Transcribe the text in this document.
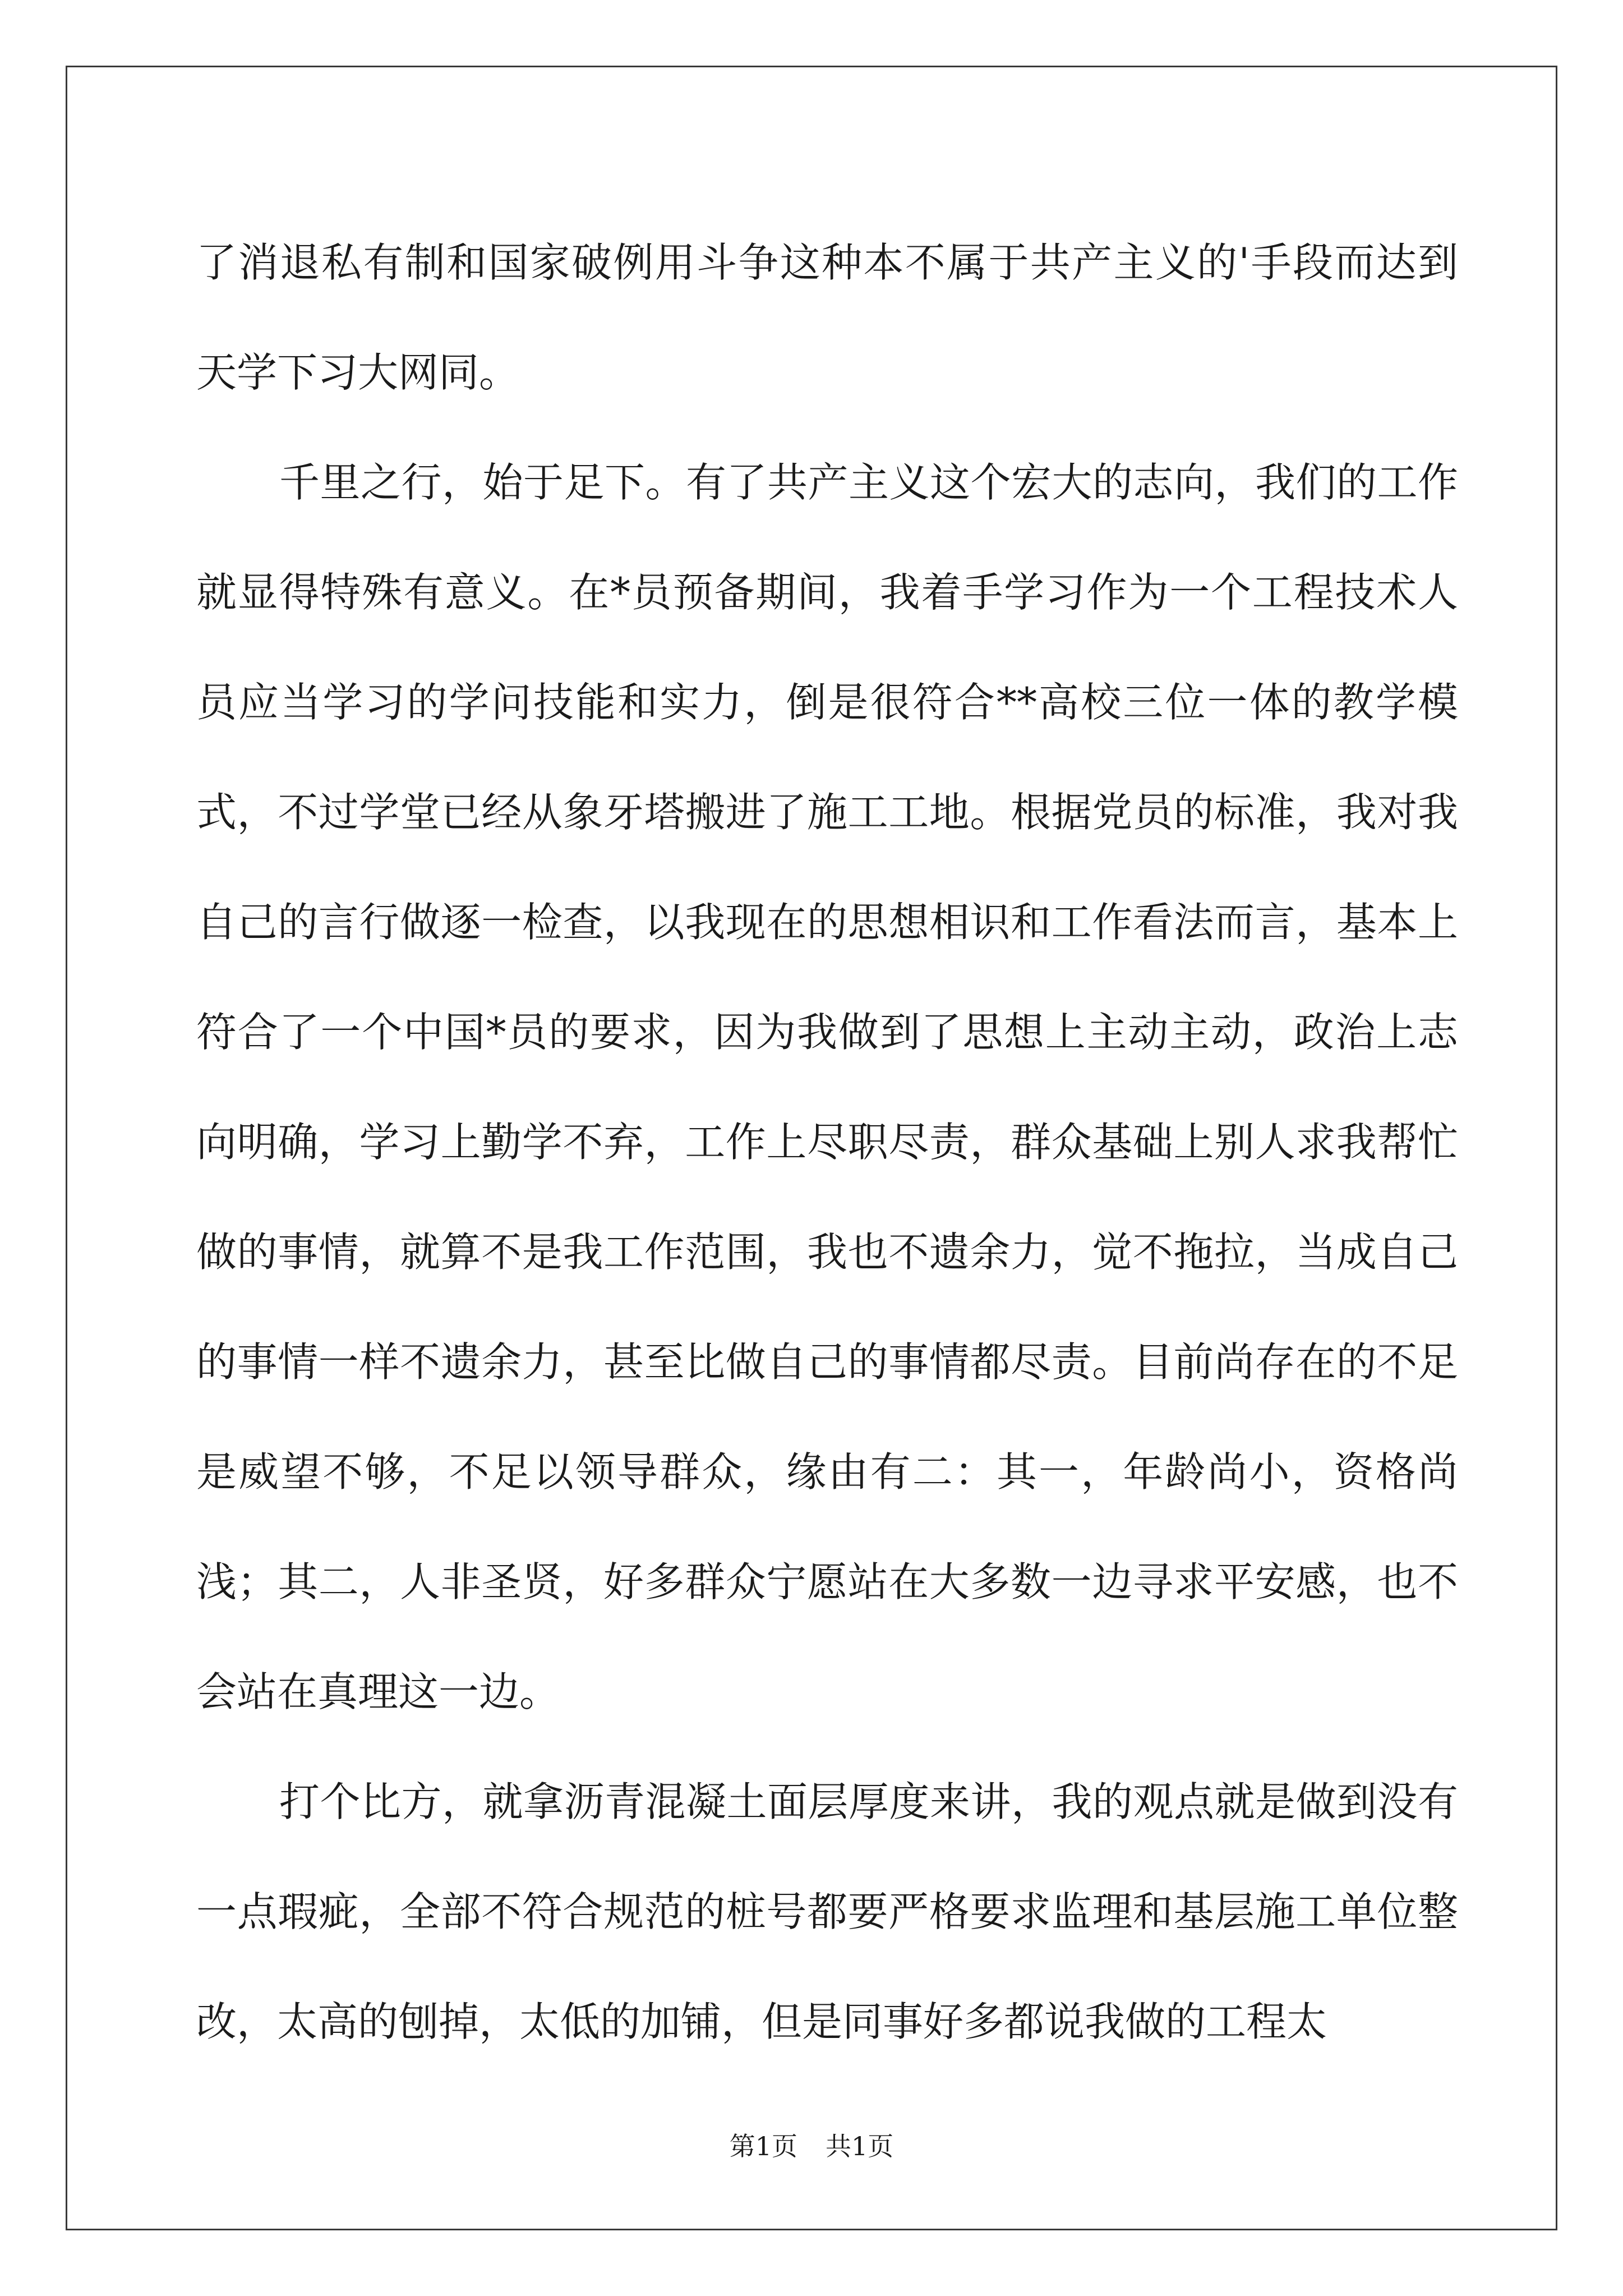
了消退私有制和国家破例用斗争这种本不属于共产主义的'手段而达到天学下习大网同。

千里之行，始于足下。有了共产主义这个宏大的志向，我们的工作就显得特殊有意义。在*员预备期间，我着手学习作为一个工程技术人员应当学习的学问技能和实力，倒是很符合**高校三位一体的教学模式，不过学堂已经从象牙塔搬进了施工工地。根据党员的标准，我对我自己的言行做逐一检查，以我现在的思想相识和工作看法而言，基本上符合了一个中国*员的要求，因为我做到了思想上主动主动，政治上志向明确，学习上勤学不弃，工作上尽职尽责，群众基础上别人求我帮忙做的事情，就算不是我工作范围，我也不遗余力，觉不拖拉，当成自己的事情一样不遗余力，甚至比做自己的事情都尽责。目前尚存在的不足是威望不够，不足以领导群众，缘由有二：其一，年龄尚小，资格尚浅；其二，人非圣贤，好多群众宁愿站在大多数一边寻求平安感，也不会站在真理这一边。

打个比方，就拿沥青混凝土面层厚度来讲，我的观点就是做到没有一点瑕疵，全部不符合规范的桩号都要严格要求监理和基层施工单位整改，太高的刨掉，太低的加铺，但是同事好多都说我做的工程太

第1页 共1页
